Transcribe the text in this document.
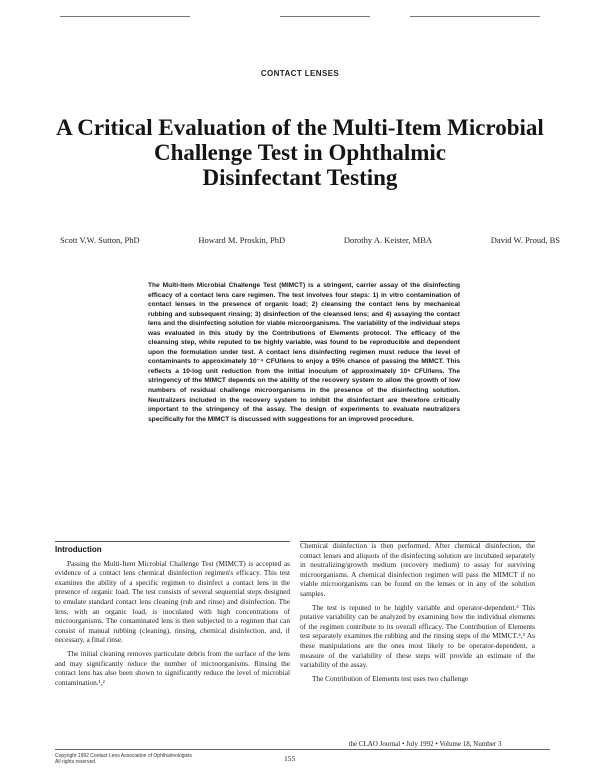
CONTACT LENSES
A Critical Evaluation of the Multi-Item Microbial
Challenge Test in Ophthalmic
Disinfectant Testing
Scott V.W. Sutton, PhD	Howard M. Proskin, PhD	Dorothy A. Keister, MBA	David W. Proud, BS

The Multi-Item Microbial Challenge Test (MIMCT) is a stringent, carrier assay of the disinfecting efficacy of a contact lens care regimen. The test involves four steps: 1) in vitro contamination of contact lenses in the presence of organic load; 2) cleansing the contact lens by mechanical rubbing and subsequent rinsing; 3) disinfection of the cleansed lens; and 4) assaying the contact lens and the disinfecting solution for viable microorganisms. The variability of the individual steps was evaluated in this study by the Contributions of Elements protocol. The efficacy of the cleansing step, while reputed to be highly variable, was found to be reproducible and dependent upon the formulation under test. A contact lens disinfecting regimen must reduce the level of contaminants to approximately 10⁻⁴ CFU/lens to enjoy a 95% chance of passing the MIMCT. This reflects a 10-log unit reduction from the initial inoculum of approximately 10⁶ CFU/lens. The stringency of the MIMCT depends on the ability of the recovery system to allow the growth of low numbers of residual challenge microorganisms in the presence of the disinfecting solution. Neutralizers included in the recovery system to inhibit the disinfectant are therefore critically important to the stringency of the assay. The design of experiments to evaluate neutralizers specifically for the MIMCT is discussed with suggestions for an improved procedure.

Introduction

Passing the Multi-Item Microbial Challenge Test (MIMCT) is accepted as evidence of a contact lens chemical disinfection regimen's efficacy. This test examines the ability of a specific regimen to disinfect a contact lens in the presence of organic load. The test consists of several sequential steps designed to emulate standard contact lens cleaning (rub and rinse) and disinfection. The lens, with an organic load, is inoculated with high concentrations of microorganisms. The contaminated lens is then subjected to a regimen that can consist of manual rubbing (cleaning), rinsing, chemical disinfection, and, if necessary, a final rinse.

The initial cleaning removes particulate debris from the surface of the lens and may significantly reduce the number of microorganisms. Rinsing the contact lens has also been shown to significantly reduce the level of microbial contamination.¹,²

Chemical disinfection is then performed. After chemical disinfection, the contact lenses and aliquots of the disinfecting solution are incubated separately in neutralizing/growth medium (recovery medium) to assay for surviving microorganisms. A chemical disinfection regimen will pass the MIMCT if no viable microorganisms can be found on the lenses or in any of the solution samples.

The test is reputed to be highly variable and operator-dependent.³ This putative variability can be analyzed by examining how the individual elements of the regimen contribute to its overall efficacy. The Contribution of Elements test separately examines the rubbing and the rinsing steps of the MIMCT.⁴,⁵ As these manipulations are the ones most likely to be operator-dependent, a measure of the variability of these steps will provide an estimate of the variability of the assay.

The Contribution of Elements test uses two challenge

the CLAO Journal • July 1992 • Volume 18, Number 3
Copyright 1992 Contact Lens Association of Ophthalmologists
All rights reserved.	155
